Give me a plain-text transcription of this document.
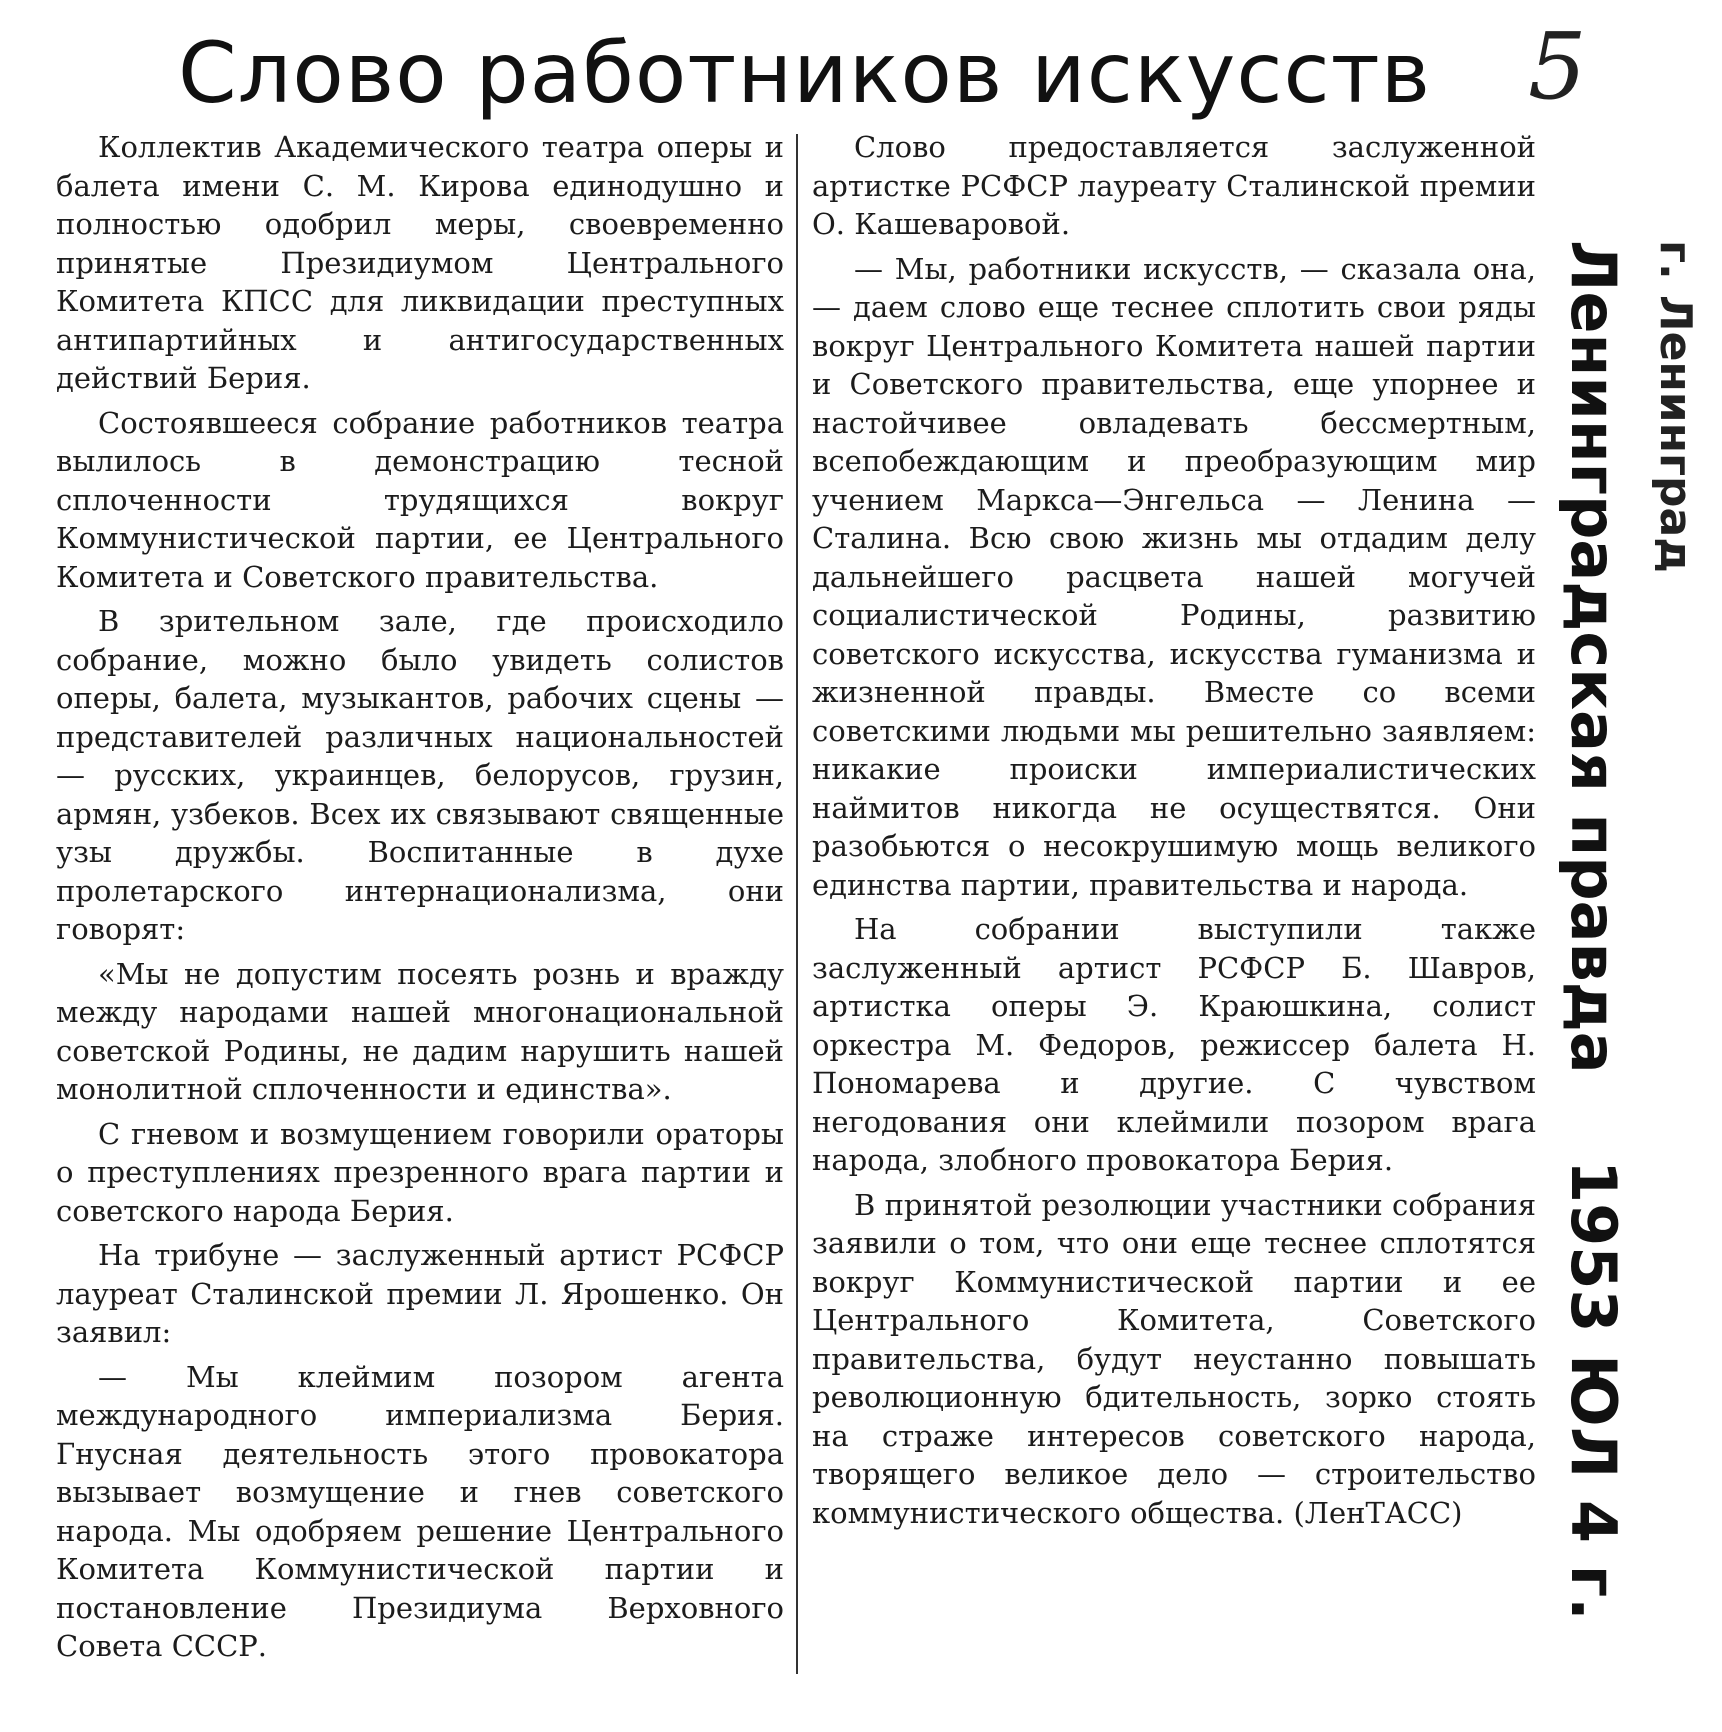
Слово работников искусств 5

Коллектив Академического театра оперы и балета имени С. М. Кирова единодушно и полностью одобрил меры, своевременно принятые Президиумом Центрального Комитета КПСС для ликвидации преступных антипартийных и антигосударственных действий Берия.

Состоявшееся собрание работников театра вылилось в демонстрацию тесной сплоченности трудящихся вокруг Коммунистической партии, ее Центрального Комитета и Советского правительства.

В зрительном зале, где происходило собрание, можно было увидеть солистов оперы, балета, музыкантов, рабочих сцены — представителей различных национальностей — русских, украинцев, белорусов, грузин, армян, узбеков. Всех их связывают священные узы дружбы. Воспитанные в духе пролетарского интернационализма, они говорят:

«Мы не допустим посеять рознь и вражду между народами нашей многонациональной советской Родины, не дадим нарушить нашей монолитной сплоченности и единства».

С гневом и возмущением говорили ораторы о преступлениях презренного врага партии и советского народа Берия.

На трибуне — заслуженный артист РСФСР лауреат Сталинской премии Л. Ярошенко. Он заявил:

— Мы клеймим позором агента международного империализма Берия. Гнусная деятельность этого провокатора вызывает возмущение и гнев советского народа. Мы одобряем решение Центрального Комитета Коммунистической партии и постановление Президиума Верховного Совета СССР.

Слово предоставляется заслуженной артистке РСФСР лауреату Сталинской премии О. Кашеваровой.

— Мы, работники искусств, — сказала она, — даем слово еще теснее сплотить свои ряды вокруг Центрального Комитета нашей партии и Советского правительства, еще упорнее и настойчивее овладевать бессмертным, всепобеждающим и преобразующим мир учением Маркса—Энгельса — Ленина — Сталина. Всю свою жизнь мы отдадим делу дальнейшего расцвета нашей могучей социалистической Родины, развитию советского искусства, искусства гуманизма и жизненной правды. Вместе со всеми советскими людьми мы решительно заявляем: никакие происки империалистических наймитов никогда не осуществятся. Они разобьются о несокрушимую мощь великого единства партии, правительства и народа.

На собрании выступили также заслуженный артист РСФСР Б. Шавров, артистка оперы Э. Краюшкина, солист оркестра М. Федоров, режиссер балета Н. Пономарева и другие. С чувством негодования они клеймили позором врага народа, злобного провокатора Берия.

В принятой резолюции участники собрания заявили о том, что они еще теснее сплотятся вокруг Коммунистической партии и ее Центрального Комитета, Советского правительства, будут неустанно повышать революционную бдительность, зорко стоять на страже интересов советского народа, творящего великое дело — строительство коммунистического общества. (ЛенТАСС)

г. Ленинград
Ленинградская правда    1953 ЮЛ 4 г.
